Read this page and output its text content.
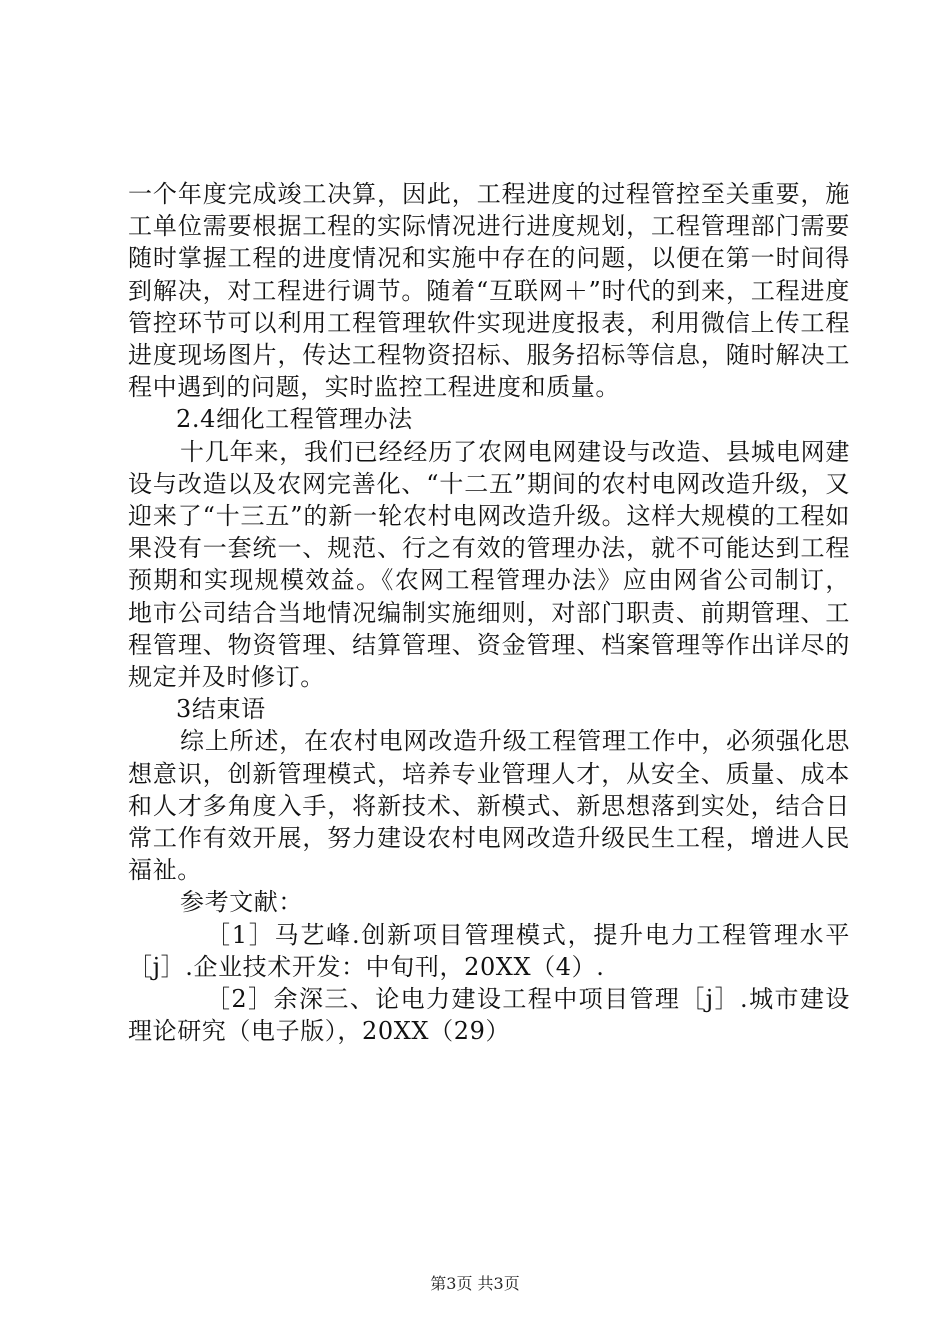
一个年度完成竣工决算，因此，工程进度的过程管控至关重要，施工单位需要根据工程的实际情况进行进度规划，工程管理部门需要随时掌握工程的进度情况和实施中存在的问题，以便在第一时间得到解决，对工程进行调节。随着“互联网＋”时代的到来，工程进度管控环节可以利用工程管理软件实现进度报表，利用微信上传工程进度现场图片，传达工程物资招标、服务招标等信息，随时解决工程中遇到的问题，实时监控工程进度和质量。

2.4细化工程管理办法

十几年来，我们已经经历了农网电网建设与改造、县城电网建设与改造以及农网完善化、“十二五”期间的农村电网改造升级，又迎来了“十三五”的新一轮农村电网改造升级。这样大规模的工程如果没有一套统一、规范、行之有效的管理办法，就不可能达到工程预期和实现规模效益。《农网工程管理办法》应由网省公司制订，地市公司结合当地情况编制实施细则，对部门职责、前期管理、工程管理、物资管理、结算管理、资金管理、档案管理等作出详尽的规定并及时修订。

3结束语

综上所述，在农村电网改造升级工程管理工作中，必须强化思想意识，创新管理模式，培养专业管理人才，从安全、质量、成本和人才多角度入手，将新技术、新模式、新思想落到实处，结合日常工作有效开展，努力建设农村电网改造升级民生工程，增进人民福祉。

参考文献：

［1］马艺峰.创新项目管理模式，提升电力工程管理水平［j］.企业技术开发：中旬刊，20XX（4）.

［2］余深三、论电力建设工程中项目管理［j］.城市建设理论研究（电子版），20XX（29）

第3页 共3页
